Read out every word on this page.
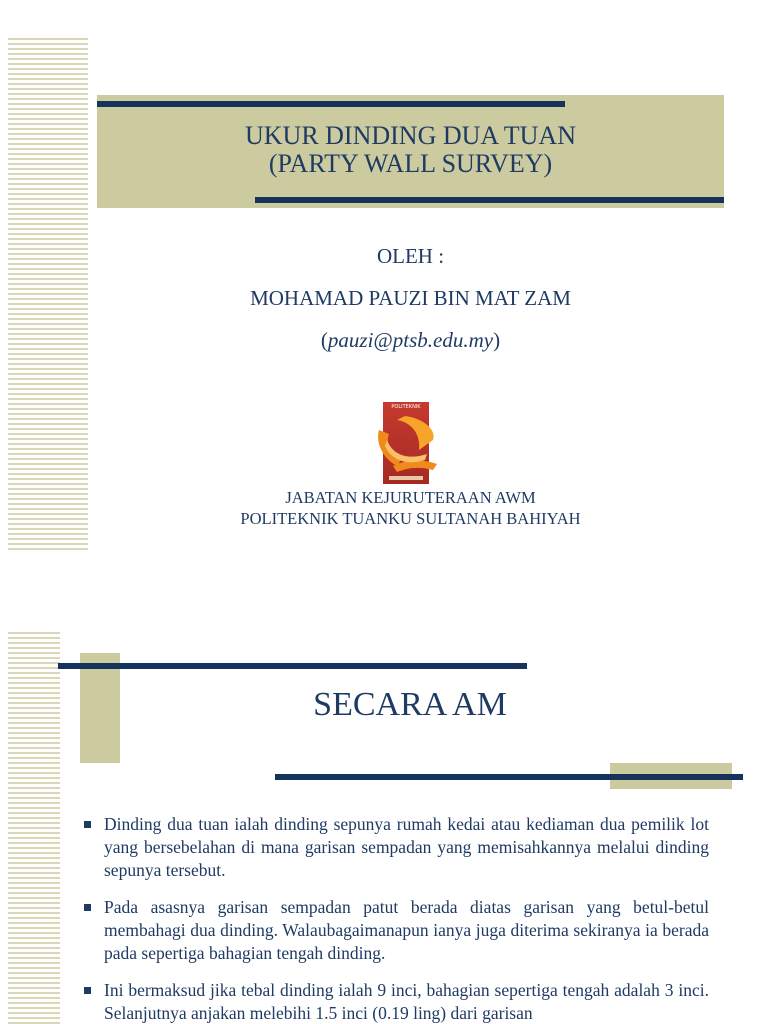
UKUR DINDING DUA TUAN
(PARTY WALL SURVEY)
OLEH :
MOHAMAD PAUZI BIN MAT ZAM
(pauzi@ptsb.edu.my)
POLITEKNIK
JABATAN KEJURUTERAAN AWM
POLITEKNIK TUANKU SULTANAH BAHIYAH
SECARA AM
Dinding dua tuan ialah dinding sepunya rumah kedai atau kediaman dua pemilik lot yang bersebelahan di mana garisan sempadan yang memisahkannya melalui dinding sepunya tersebut.
Pada asasnya garisan sempadan patut berada diatas garisan yang betul-betul membahagi dua dinding. Walaubagaimanapun ianya juga diterima sekiranya ia berada pada sepertiga bahagian tengah dinding.
Ini bermaksud jika tebal dinding ialah 9 inci, bahagian sepertiga tengah adalah 3 inci. Selanjutnya anjakan melebihi 1.5 inci (0.19 ling) dari garisan
